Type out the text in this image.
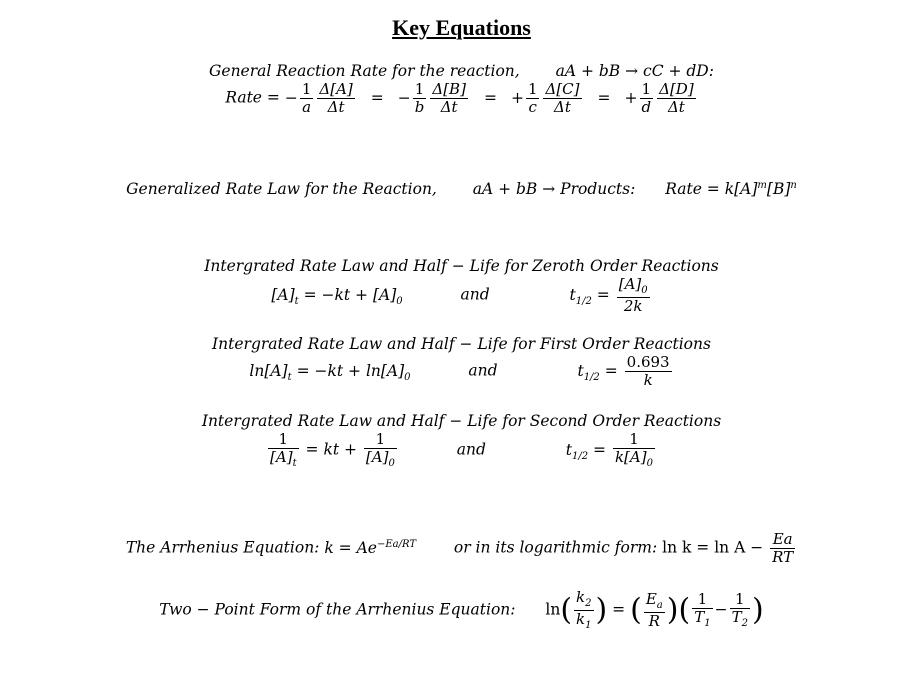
Key Equations
General Reaction Rate for the reaction, aA + bB → cC + dD:
Rate = − $\frac{1}{a} \frac{\Delta[A]}{\Delta t}$ = − $\frac{1}{b} \frac{\Delta[B]}{\Delta t}$ = + $\frac{1}{c} \frac{\Delta[C]}{\Delta t}$ = + $\frac{1}{d} \frac{\Delta[D]}{\Delta t}$
Generalized Rate Law for the Reaction, aA + bB → Products: Rate = $k[A]^m[B]^n$
Intergrated Rate Law and Half − Life for Zeroth Order Reactions
$[A]_t = -kt + [A]_0$	and	$t_{1/2} = \frac{[A]_0}{2k}$
Intergrated Rate Law and Half − Life for First Order Reactions
$\ln[A]_t = -kt + \ln[A]_0$	and	$t_{1/2} = \frac{0.693}{k}$
Intergrated Rate Law and Half − Life for Second Order Reactions
$\frac{1}{[A]_t}$ = kt + $\frac{1}{[A]_0}$	and	$t_{1/2} = \frac{1}{k[A]_0}$
The Arrhenius Equation: $k = Ae^{-Ea/RT}$ or in its logarithmic form: $\ln k = \ln A - \frac{Ea}{RT}$
Two − Point Form of the Arrhenius Equation: $\ln( \frac{k_2}{k_1}$ ) = ( $\frac{E_a}{R}$ )( $\frac{1}{T_1} - \frac{1}{T_2}$ )
